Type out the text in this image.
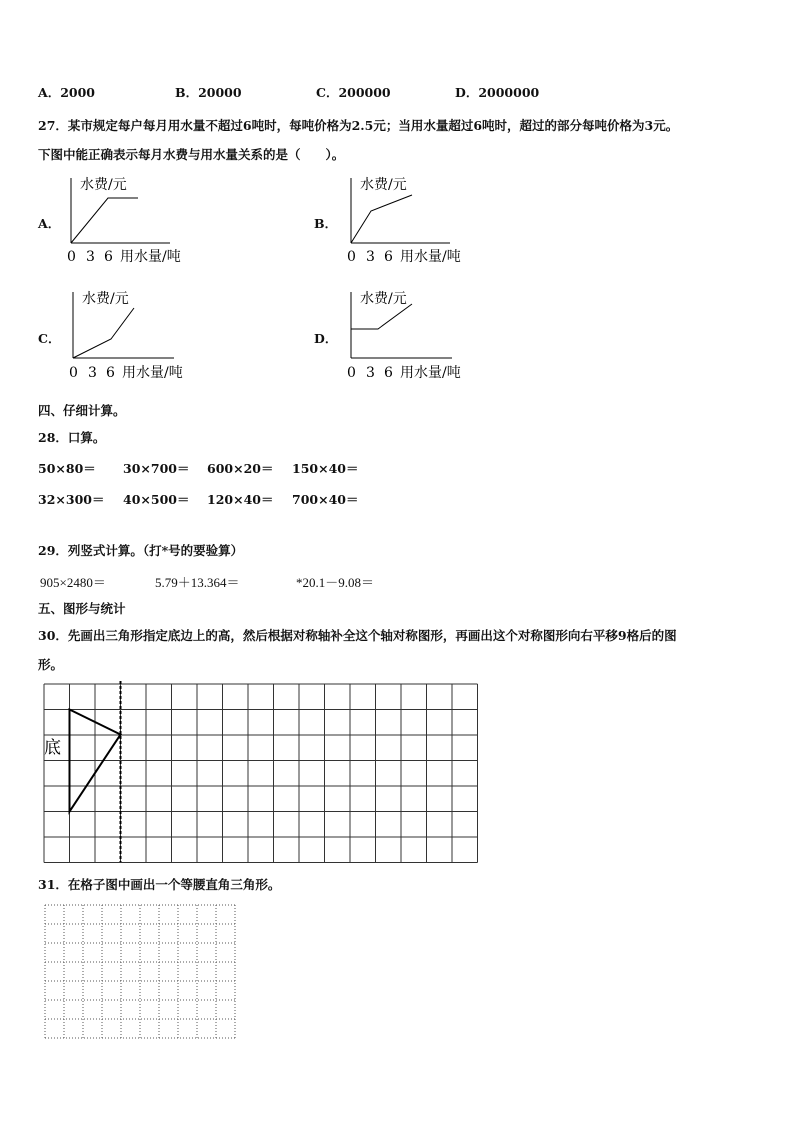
A．2000	B．20000	C．200000	D．2000000
27．某市规定每户每月用水量不超过6吨时，每吨价格为2.5元；当用水量超过6吨时，超过的部分每吨价格为3元。
下图中能正确表示每月水费与用水量关系的是（　　）。
A．
水费/元
0 3 6 用水量/吨
B．
水费/元
0 3 6 用水量/吨
C．
水费/元
0 3 6 用水量/吨
D．
水费/元
0 3 6 用水量/吨
四、仔细计算。
28．口算。
50×80＝ 30×700＝ 600×20＝ 150×40＝
32×300＝ 40×500＝ 120×40＝ 700×40＝
29．列竖式计算。（打*号的要验算）
905×2480＝	5.79＋13.364＝	*20.1－9.08＝
五、图形与统计
30．先画出三角形指定底边上的高，然后根据对称轴补全这个轴对称图形，再画出这个对称图形向右平移9格后的图
形。
底
31．在格子图中画出一个等腰直角三角形。
